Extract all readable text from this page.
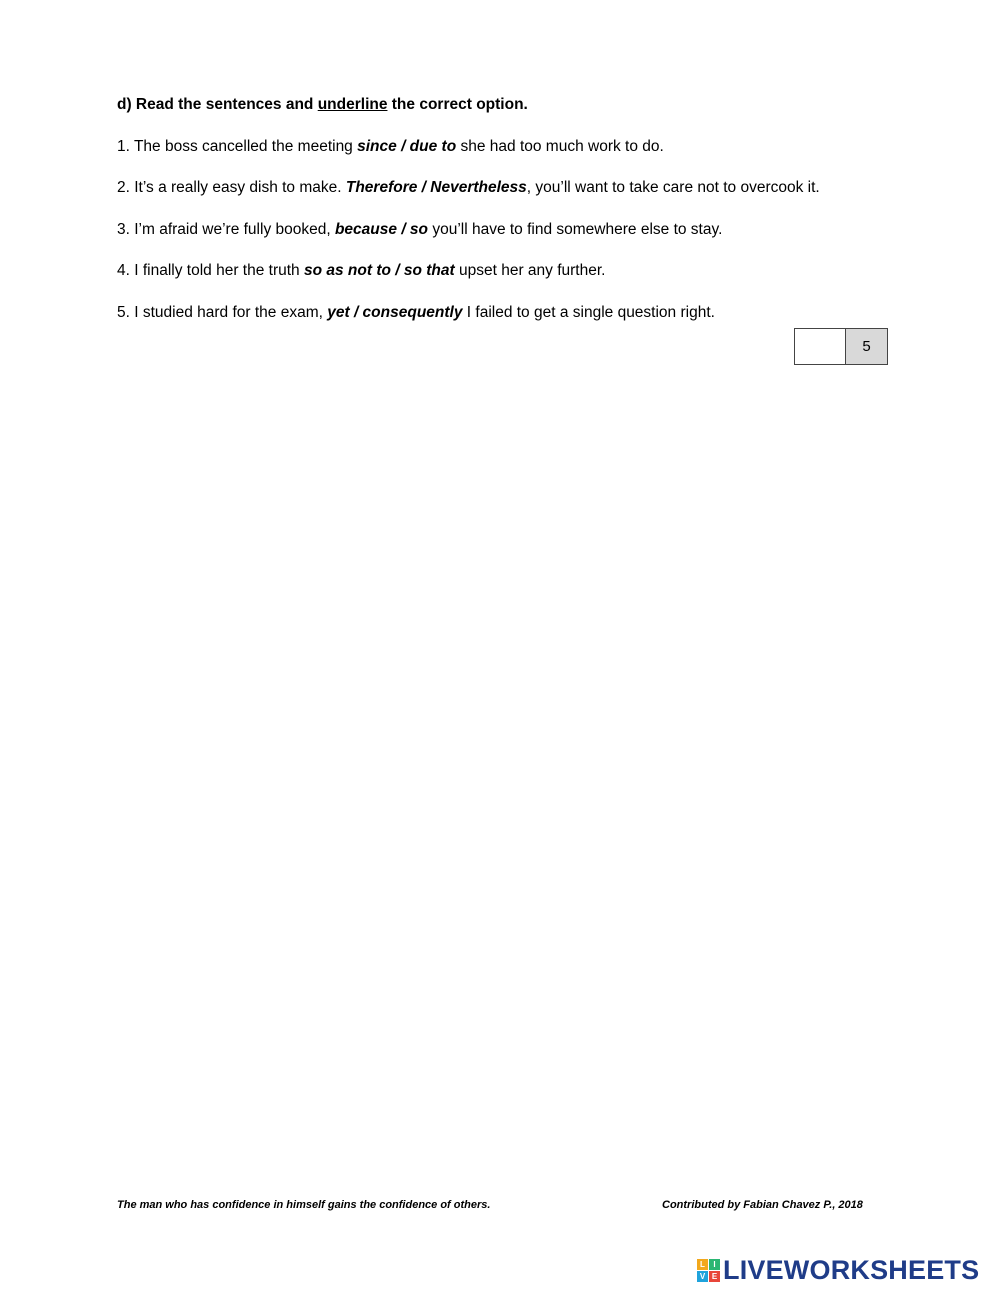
d) Read the sentences and underline the correct option.
1. The boss cancelled the meeting since / due to she had too much work to do.
2. It’s a really easy dish to make. Therefore / Nevertheless, you’ll want to take care not to overcook it.
3. I’m afraid we’re fully booked, because / so you’ll have to find somewhere else to stay.
4. I finally told her the truth so as not to / so that upset her any further.
5. I studied hard for the exam, yet / consequently I failed to get a single question right.
5
The man who has confidence in himself gains the confidence of others.	Contributed by Fabian Chavez P., 2018
L	I
V E LIVEWORKSHEETS
